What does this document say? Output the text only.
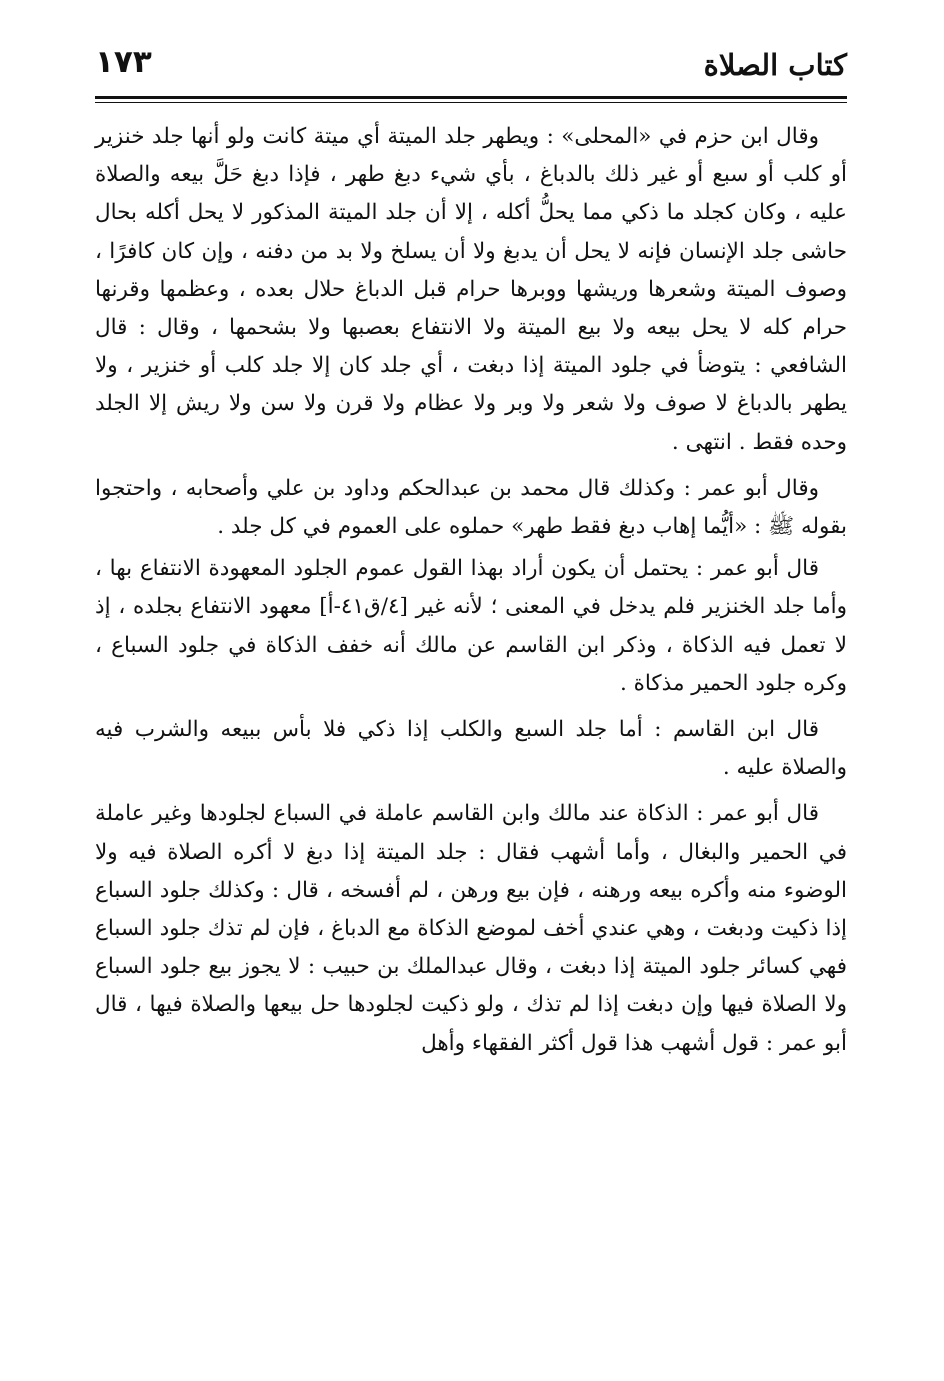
كتاب الصلاة
١٧٣

وقال ابن حزم في «المحلى» : ويطهر جلد الميتة أي ميتة كانت ولو أنها جلد خنزير أو كلب أو سبع أو غير ذلك بالدباغ ، بأي شيء دبغ طهر ، فإذا دبغ حَلَّ بيعه والصلاة عليه ، وكان كجلد ما ذكي مما يحلُّ أكله ، إلا أن جلد الميتة المذكور لا يحل أكله بحال حاشى جلد الإنسان فإنه لا يحل أن يدبغ ولا أن يسلخ ولا بد من دفنه ، وإن كان كافرًا ، وصوف الميتة وشعرها وريشها ووبرها حرام قبل الدباغ حلال بعده ، وعظمها وقرنها حرام كله لا يحل بيعه ولا بيع الميتة ولا الانتفاع بعصبها ولا بشحمها ، وقال : قال الشافعي : يتوضأ في جلود الميتة إذا دبغت ، أي جلد كان إلا جلد كلب أو خنزير ، ولا يطهر بالدباغ لا صوف ولا شعر ولا وبر ولا عظام ولا قرن ولا سن ولا ريش إلا الجلد وحده فقط . انتهى .

وقال أبو عمر : وكذلك قال محمد بن عبدالحكم وداود بن علي وأصحابه ، واحتجوا بقوله ﷺ : «أيُّما إهاب دبغ فقط طهر» حملوه على العموم في كل جلد .

قال أبو عمر : يحتمل أن يكون أراد بهذا القول عموم الجلود المعهودة الانتفاع بها ، وأما جلد الخنزير فلم يدخل في المعنى ؛ لأنه غير [٤/ق٤١-أ] معهود الانتفاع بجلده ، إذ لا تعمل فيه الذكاة ، وذكر ابن القاسم عن مالك أنه خفف الذكاة في جلود السباع ، وكره جلود الحمير مذكاة .

قال ابن القاسم : أما جلد السبع والكلب إذا ذكي فلا بأس ببيعه والشرب فيه والصلاة عليه .

قال أبو عمر : الذكاة عند مالك وابن القاسم عاملة في السباع لجلودها وغير عاملة في الحمير والبغال ، وأما أشهب فقال : جلد الميتة إذا دبغ لا أكره الصلاة فيه ولا الوضوء منه وأكره بيعه ورهنه ، فإن بيع ورهن ، لم أفسخه ، قال : وكذلك جلود السباع إذا ذكيت ودبغت ، وهي عندي أخف لموضع الذكاة مع الدباغ ، فإن لم تذك جلود السباع فهي كسائر جلود الميتة إذا دبغت ، وقال عبدالملك بن حبيب : لا يجوز بيع جلود السباع ولا الصلاة فيها وإن دبغت إذا لم تذك ، ولو ذكيت لجلودها حل بيعها والصلاة فيها ، قال أبو عمر : قول أشهب هذا قول أكثر الفقهاء وأهل
